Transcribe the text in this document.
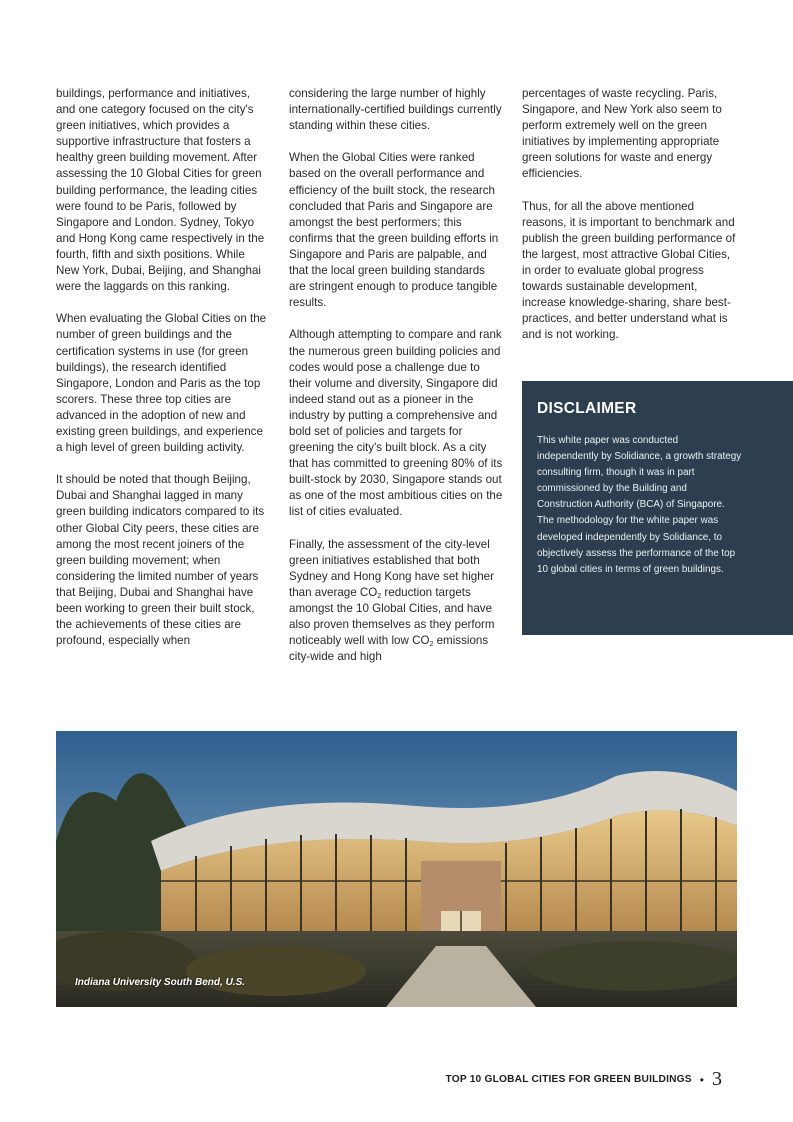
buildings, performance and initiatives, and one category focused on the city's green initiatives, which provides a supportive infrastructure that fosters a healthy green building movement. After assessing the 10 Global Cities for green building performance, the leading cities were found to be Paris, followed by Singapore and London. Sydney, Tokyo and Hong Kong came respectively in the fourth, fifth and sixth positions. While New York, Dubai, Beijing, and Shanghai were the laggards on this ranking.

When evaluating the Global Cities on the number of green buildings and the certification systems in use (for green buildings), the research identified Singapore, London and Paris as the top scorers. These three top cities are advanced in the adoption of new and existing green buildings, and experience a high level of green building activity.

It should be noted that though Beijing, Dubai and Shanghai lagged in many green building indicators compared to its other Global City peers, these cities are among the most recent joiners of the green building movement; when considering the limited number of years that Beijing, Dubai and Shanghai have been working to green their built stock, the achievements of these cities are profound, especially when

considering the large number of highly internationally-certified buildings currently standing within these cities.

When the Global Cities were ranked based on the overall performance and efficiency of the built stock, the research concluded that Paris and Singapore are amongst the best performers; this confirms that the green building efforts in Singapore and Paris are palpable, and that the local green building standards are stringent enough to produce tangible results.

Although attempting to compare and rank the numerous green building policies and codes would pose a challenge due to their volume and diversity, Singapore did indeed stand out as a pioneer in the industry by putting a comprehensive and bold set of policies and targets for greening the city's built block. As a city that has committed to greening 80% of its built-stock by 2030, Singapore stands out as one of the most ambitious cities on the list of cities evaluated.

Finally, the assessment of the city-level green initiatives established that both Sydney and Hong Kong have set higher than average $CO_2$ reduction targets amongst the 10 Global Cities, and have also proven themselves as they perform noticeably well with low $CO_2$ emissions city-wide and high

percentages of waste recycling. Paris, Singapore, and New York also seem to perform extremely well on the green initiatives by implementing appropriate green solutions for waste and energy efficiencies.

Thus, for all the above mentioned reasons, it is important to benchmark and publish the green building performance of the largest, most attractive Global Cities, in order to evaluate global progress towards sustainable development, increase knowledge-sharing, share best-practices, and better understand what is and is not working.

DISCLAIMER

This white paper was conducted independently by Solidiance, a growth strategy consulting firm, though it was in part commissioned by the Building and Construction Authority (BCA) of Singapore. The methodology for the white paper was developed independently by Solidiance, to objectively assess the performance of the top 10 global cities in terms of green buildings.

Indiana University South Bend, U.S.
TOP 10 GLOBAL CITIES FOR GREEN BUILDINGS • 3
